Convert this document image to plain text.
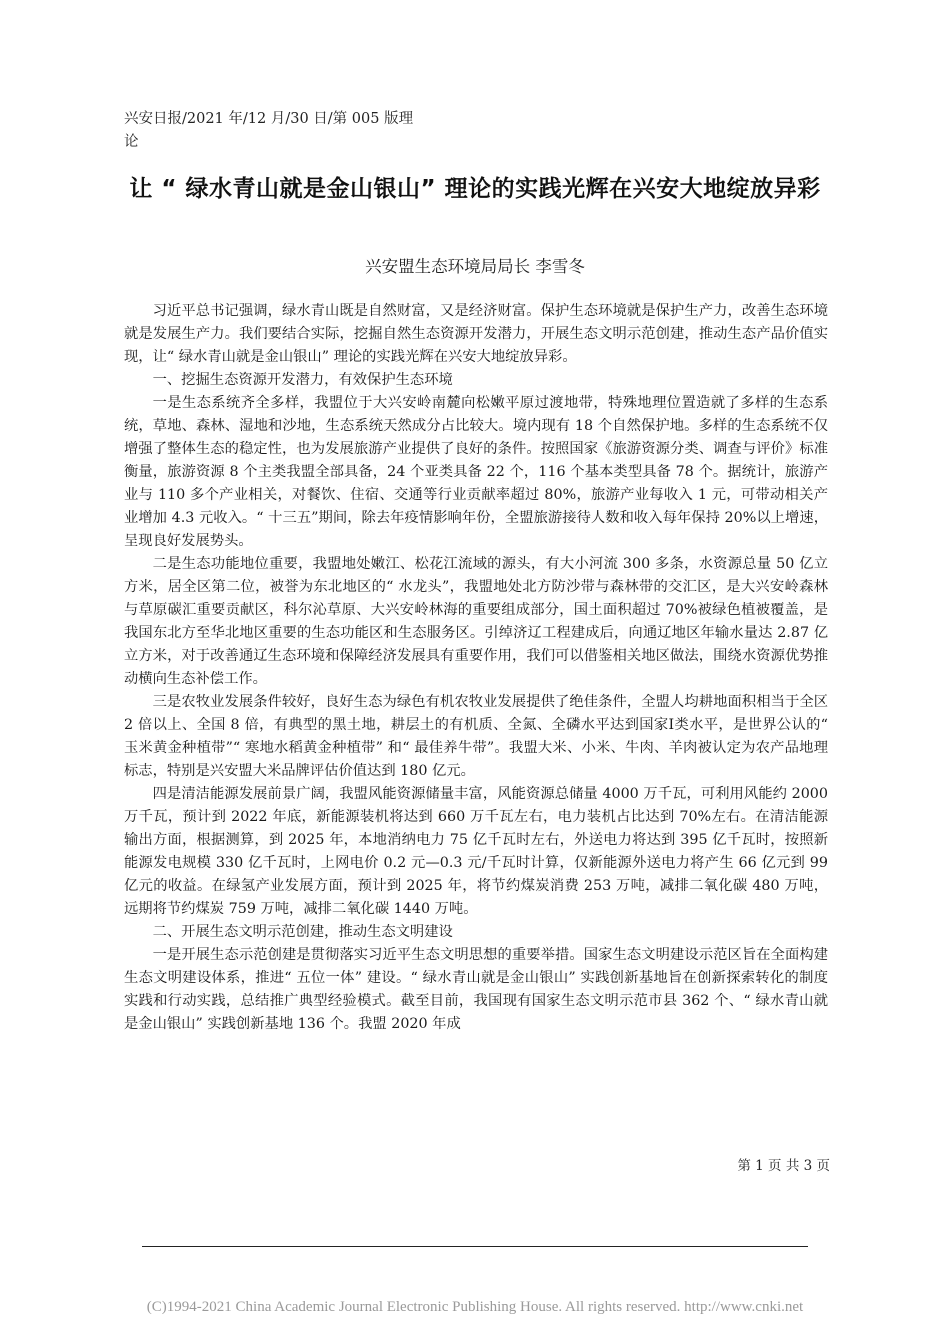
兴安日报/2021 年/12 月/30 日/第 005 版理论
让 “ 绿水青山就是金山银山” 理论的实践光辉在兴安大地绽放异彩
兴安盟生态环境局局长 李雪冬

习近平总书记强调，绿水青山既是自然财富，又是经济财富。保护生态环境就是保护生产力，改善生态环境就是发展生产力。我们要结合实际，挖掘自然生态资源开发潜力，开展生态文明示范创建，推动生态产品价值实现，让“ 绿水青山就是金山银山” 理论的实践光辉在兴安大地绽放异彩。

一、挖掘生态资源开发潜力，有效保护生态环境

一是生态系统齐全多样，我盟位于大兴安岭南麓向松嫩平原过渡地带，特殊地理位置造就了多样的生态系统，草地、森林、湿地和沙地，生态系统天然成分占比较大。境内现有 18 个自然保护地。多样的生态系统不仅增强了整体生态的稳定性，也为发展旅游产业提供了良好的条件。按照国家《旅游资源分类、调查与评价》标准衡量，旅游资源 8 个主类我盟全部具备，24 个亚类具备 22 个，116 个基本类型具备 78 个。据统计，旅游产业与 110 多个产业相关，对餐饮、住宿、交通等行业贡献率超过 80%，旅游产业每收入 1 元，可带动相关产业增加 4.3 元收入。“ 十三五”期间，除去年疫情影响年份，全盟旅游接待人数和收入每年保持 20%以上增速，呈现良好发展势头。

二是生态功能地位重要，我盟地处嫩江、松花江流域的源头，有大小河流 300 多条，水资源总量 50 亿立方米，居全区第二位，被誉为东北地区的“ 水龙头”，我盟地处北方防沙带与森林带的交汇区，是大兴安岭森林与草原碳汇重要贡献区，科尔沁草原、大兴安岭林海的重要组成部分，国土面积超过 70%被绿色植被覆盖，是我国东北方至华北地区重要的生态功能区和生态服务区。引绰济辽工程建成后，向通辽地区年输水量达 2.87 亿立方米，对于改善通辽生态环境和保障经济发展具有重要作用，我们可以借鉴相关地区做法，围绕水资源优势推动横向生态补偿工作。

三是农牧业发展条件较好，良好生态为绿色有机农牧业发展提供了绝佳条件，全盟人均耕地面积相当于全区 2 倍以上、全国 8 倍，有典型的黑土地，耕层土的有机质、全氮、全磷水平达到国家Ⅰ类水平，是世界公认的“ 玉米黄金种植带”“ 寒地水稻黄金种植带” 和“ 最佳养牛带”。我盟大米、小米、牛肉、羊肉被认定为农产品地理标志，特别是兴安盟大米品牌评估价值达到 180 亿元。

四是清洁能源发展前景广阔，我盟风能资源储量丰富，风能资源总储量 4000 万千瓦，可利用风能约 2000 万千瓦，预计到 2022 年底，新能源装机将达到 660 万千瓦左右，电力装机占比达到 70%左右。在清洁能源输出方面，根据测算，到 2025 年，本地消纳电力 75 亿千瓦时左右，外送电力将达到 395 亿千瓦时，按照新能源发电规模 330 亿千瓦时，上网电价 0.2 元—0.3 元/千瓦时计算，仅新能源外送电力将产生 66 亿元到 99 亿元的收益。在绿氢产业发展方面，预计到 2025 年，将节约煤炭消费 253 万吨，减排二氧化碳 480 万吨，远期将节约煤炭 759 万吨，减排二氧化碳 1440 万吨。

二、开展生态文明示范创建，推动生态文明建设

一是开展生态示范创建是贯彻落实习近平生态文明思想的重要举措。国家生态文明建设示范区旨在全面构建生态文明建设体系，推进“ 五位一体” 建设。“ 绿水青山就是金山银山” 实践创新基地旨在创新探索转化的制度实践和行动实践，总结推广典型经验模式。截至目前，我国现有国家生态文明示范市县 362 个、“ 绿水青山就是金山银山” 实践创新基地 136 个。我盟 2020 年成

第 1 页 共 3 页
(C)1994-2021 China Academic Journal Electronic Publishing House. All rights reserved. http://www.cnki.net
